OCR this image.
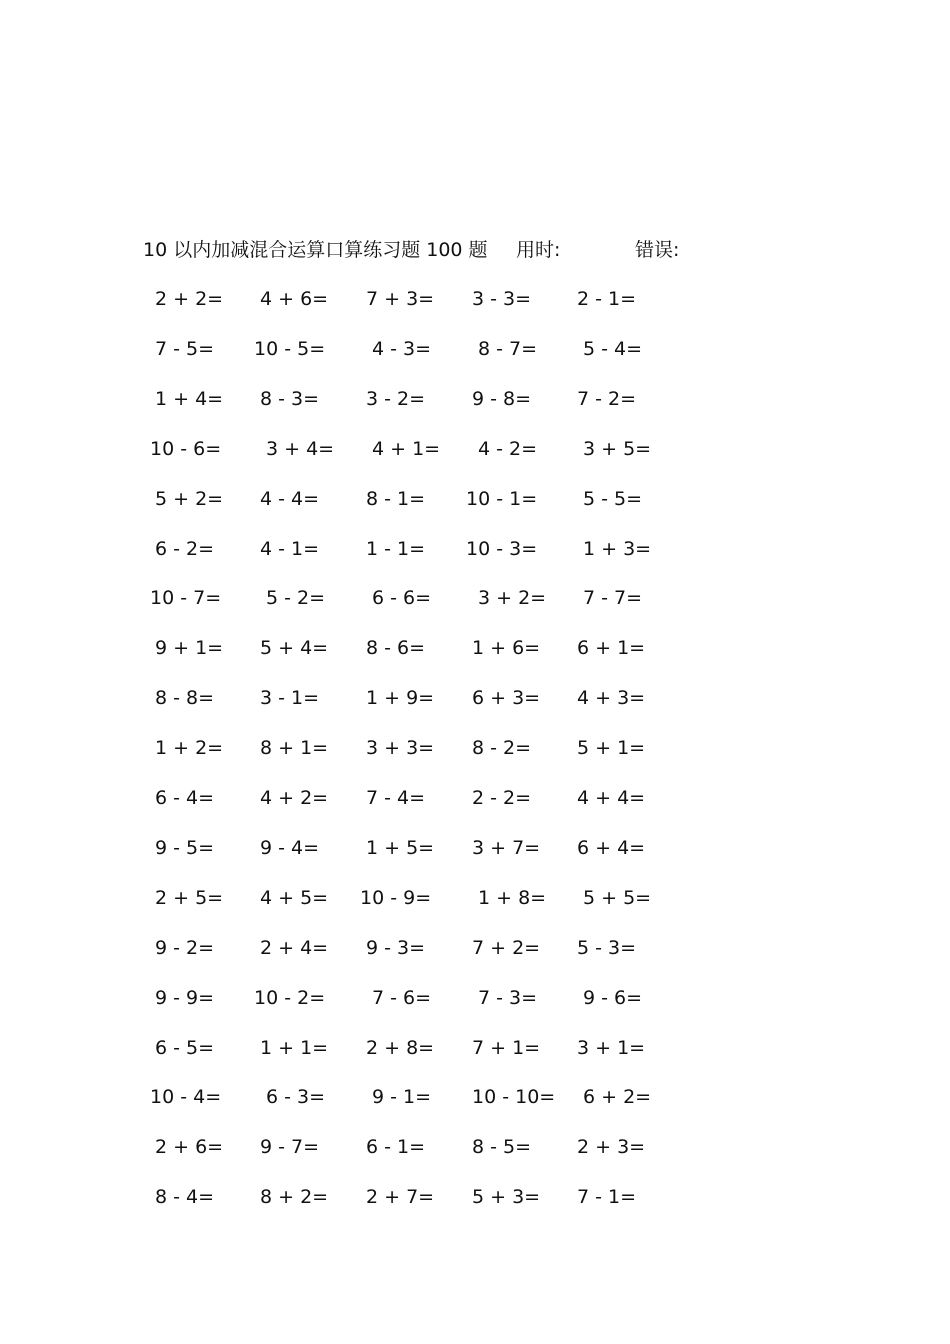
10 以内加减混合运算口算练习题 100 题 用时:	错误:
2 + 2= 4 + 6= 7 + 3= 3 - 3= 2 - 1=
7 - 5= 10 - 5= 4 - 3= 8 - 7= 5 - 4=
1 + 4= 8 - 3= 3 - 2= 9 - 8= 7 - 2=
10 - 6= 3 + 4= 4 + 1= 4 - 2= 3 + 5=
5 + 2= 4 - 4= 8 - 1= 10 - 1= 5 - 5=
6 - 2= 4 - 1= 1 - 1= 10 - 3= 1 + 3=
10 - 7= 5 - 2= 6 - 6= 3 + 2= 7 - 7=
9 + 1= 5 + 4= 8 - 6= 1 + 6= 6 + 1=
8 - 8= 3 - 1= 1 + 9= 6 + 3= 4 + 3=
1 + 2= 8 + 1= 3 + 3= 8 - 2= 5 + 1=
6 - 4= 4 + 2= 7 - 4= 2 - 2= 4 + 4=
9 - 5= 9 - 4= 1 + 5= 3 + 7= 6 + 4=
2 + 5= 4 + 5= 10 - 9= 1 + 8= 5 + 5=
9 - 2= 2 + 4= 9 - 3= 7 + 2= 5 - 3=
9 - 9= 10 - 2= 7 - 6= 7 - 3= 9 - 6=
6 - 5= 1 + 1= 2 + 8= 7 + 1= 3 + 1=
10 - 4= 6 - 3= 9 - 1= 10 - 10= 6 + 2=
2 + 6= 9 - 7= 6 - 1= 8 - 5= 2 + 3=
8 - 4= 8 + 2= 2 + 7= 5 + 3= 7 - 1=
